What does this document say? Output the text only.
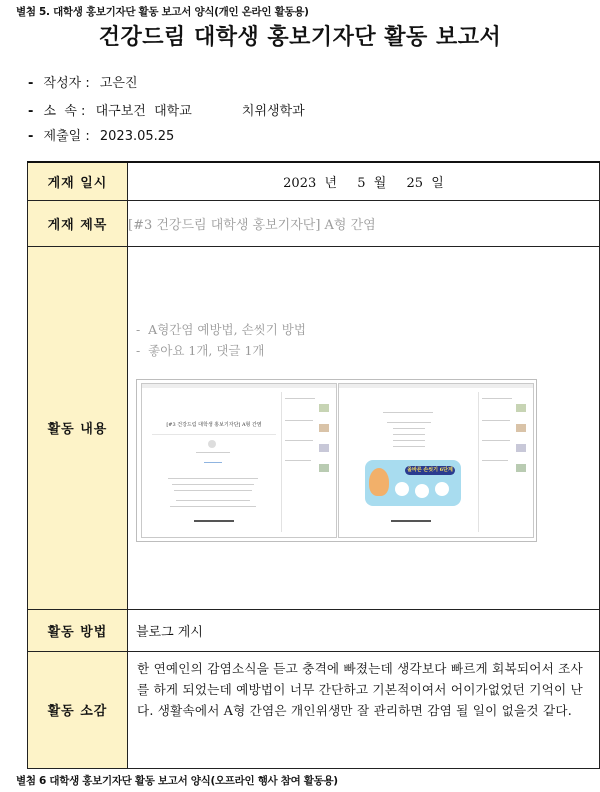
별첨 5. 대학생 홍보기자단 활동 보고서 양식(개인 온라인 활동용)
건강드림 대학생 홍보기자단 활동 보고서
- 작성자 : 고은진
- 소  속 : 대구보건  대학교	치위생학과
- 제출일 : 2023.05.25
게재 일시	2023  년 5  월 25  일
게재 제목	[#3 건강드림 대학생 홍보기자단] A형 간염
활동 내용	-  A형간염 예방법, 손씻기 방법
-  좋아요 1개, 댓글 1개
[#3 건강드림 대학생 홍보기자단] A형 간염
올바른 손씻기 6단계

활동 방법	블로그 게시
활동 소감	한 연예인의 감염소식을 듣고 충격에 빠졌는데 생각보다 빠르게 회복되어서 조사를 하게 되었는데 예방법이 너무 간단하고 기본적이여서 어이가없었던 기억이 난다. 생활속에서 A형 간염은 개인위생만 잘 관리하면 감염 될 일이 없을것 같다.
별첨 6 대학생 홍보기자단 활동 보고서 양식(오프라인 행사 참여 활동용)
